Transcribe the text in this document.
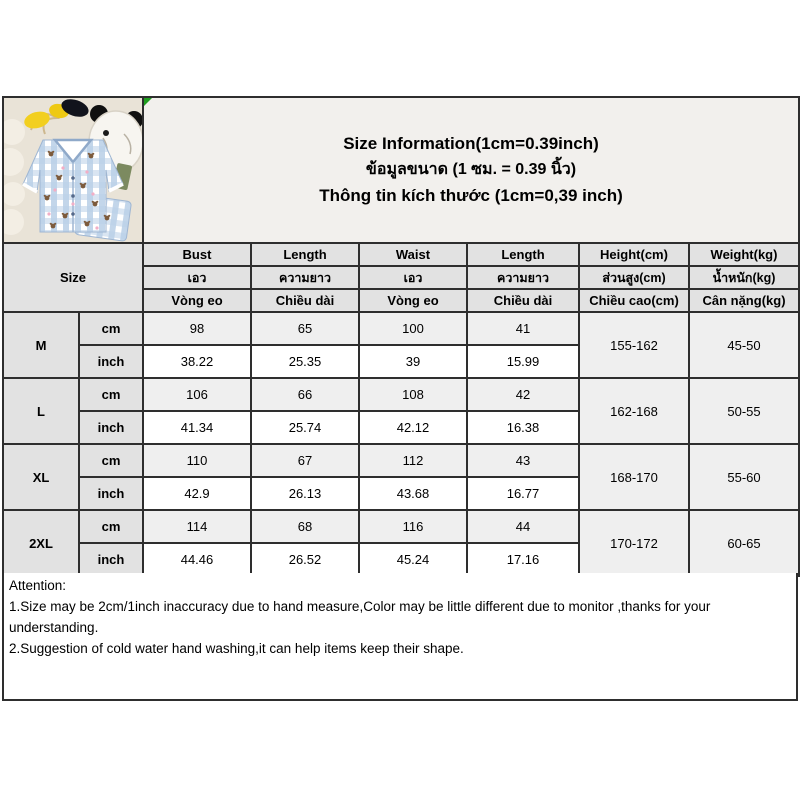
Size Information(1cm=0.39inch)
ข้อมูลขนาด (1 ซม. = 0.39 นิ้ว)
Thông tin kích thước (1cm=0,39 inch)					

Size		Bust	Length	Waist	Length	Height(cm)	Weight(kg)
		เอว	ความยาว	เอว	ความยาว	ส่วนสูง(cm)	น้ำหนัก(kg)
		Vòng eo	Chiều dài	Vòng eo	Chiều dài	Chiều cao(cm)	Cân nặng(kg)
M	cm	98	65	100	41	155-162	45-50
	inch	38.22	25.35	39	15.99		
L	cm	106	66	108	42	162-168	50-55
	inch	41.34	25.74	42.12	16.38		
XL	cm	110	67	112	43	168-170	55-60
	inch	42.9	26.13	43.68	16.77		
2XL	cm	114	68	116	44	170-172	60-65
	inch	44.46	26.52	45.24	17.16		
Attention:
1.Size may be 2cm/1inch inaccuracy due to hand measure,Color may be little different due to monitor ,thanks for your understanding.
2.Suggestion of cold water hand washing,it can help items keep their shape.
